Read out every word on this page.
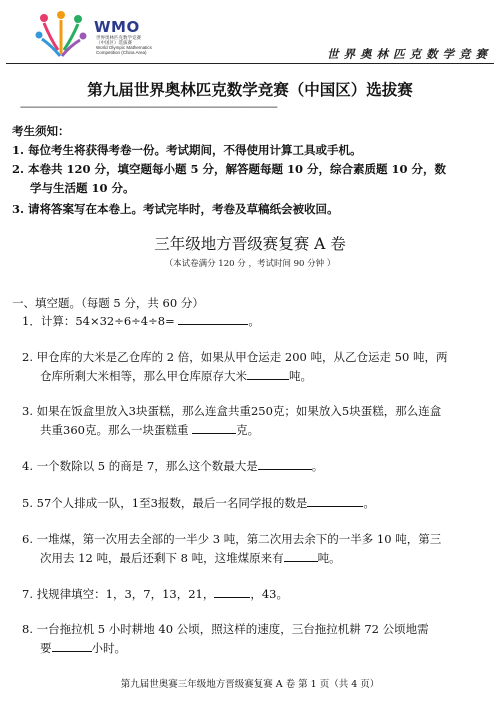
WMO
世界奥林匹克数学竞赛
（中国区）选拔赛
World Olympic Mathematics
Competition (China Area)	世界奥林匹克数学竞赛
第九届世界奥林匹克数学竞赛（中国区）选拔赛
------------------------------------------------------------------------------------------------------------
考生须知：
1. 每位考生将获得考卷一份。考试期间，不得使用计算工具或手机。
2. 本卷共 120 分，填空题每小题 5 分，解答题每题 10 分，综合素质题 10 分，数
学与生活题 10 分。
3. 请将答案写在本卷上。考试完毕时，考卷及草稿纸会被收回。
三年级地方晋级赛复赛 A 卷
（本试卷满分 120 分 ，考试时间 90 分钟 ）
一、填空题。（每题 5 分，共 60 分）
1．计算：54×32÷6÷4÷8=	。
2. 甲仓库的大米是乙仓库的 2 倍，如果从甲仓运走 200 吨，从乙仓运走 50 吨，两
仓库所剩大米相等，那么甲仓库原存大米	吨。
3. 如果在饭盒里放入3块蛋糕，那么连盒共重250克；如果放入5块蛋糕，那么连盒
共重360克。那么一块蛋糕重	克。
4. 一个数除以 5 的商是 7，那么这个数最大是	。
5. 57个人排成一队，1至3报数，最后一名同学报的数是	。
6. 一堆煤，第一次用去全部的一半少 3 吨，第二次用去余下的一半多 10 吨，第三
次用去 12 吨，最后还剩下 8 吨，这堆煤原来有	吨。
7. 找规律填空：1，3，7，13，21，	，43。
8. 一台拖拉机 5 小时耕地 40 公顷，照这样的速度，三台拖拉机耕 72 公顷地需
要	小时。
第九届世奥赛三年级地方晋级赛复赛 A 卷 第 1 页（共 4 页）
